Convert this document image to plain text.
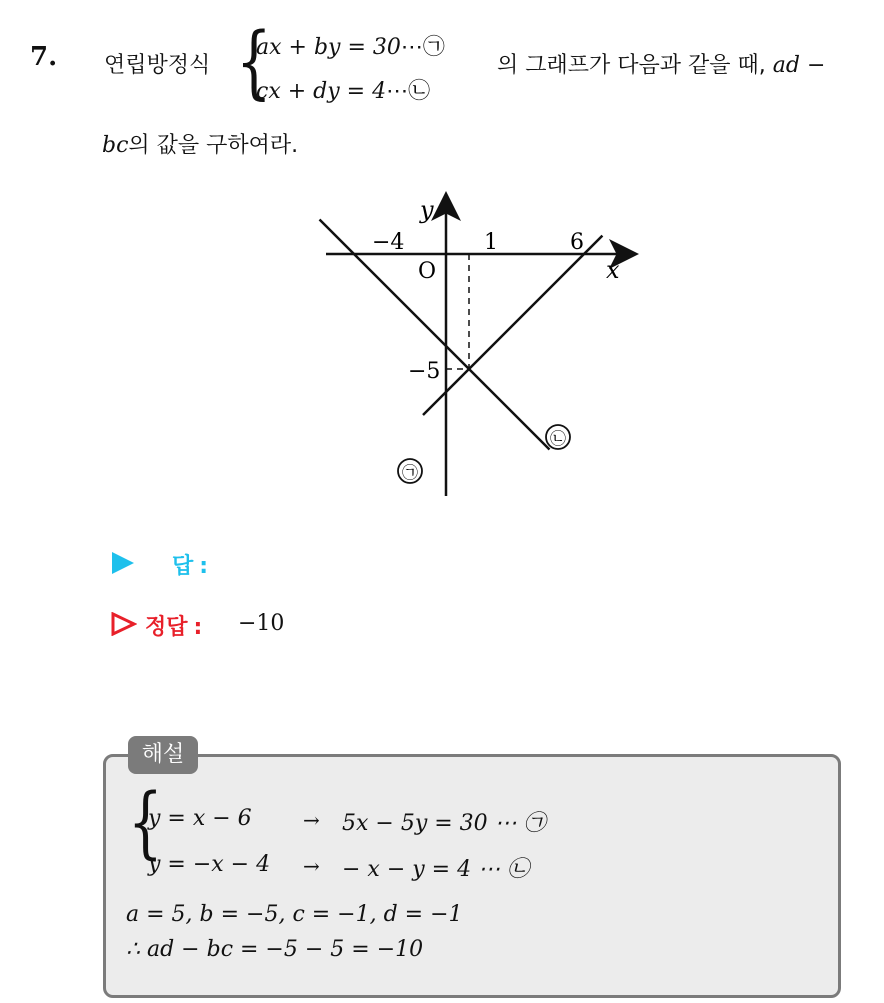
7. 연립방정식 {
ax + by = 30⋯㉠
cx + dy = 4⋯㉡
의 그래프가 다음과 같을 때, ad −
bc의 값을 구하여라.
y
x
O
−4	1	6
−5
㉠
㉡
답 :
정답 : −10
해설
{
y = x − 6	→ 5x − 5y = 30 ⋯ ㉠
y = −x − 4 → − x − y = 4 ⋯ ㉡
a = 5, b = −5, c = −1, d = −1
∴ ad − bc = −5 − 5 = −10
